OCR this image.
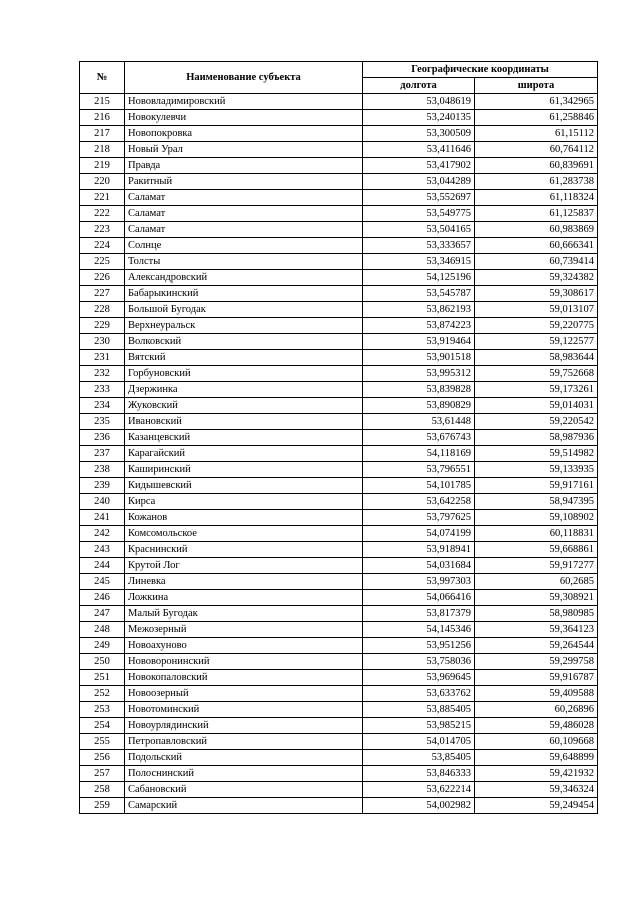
№	Наименование субъекта	Географические координаты	
		долгота	широта
215	Нововладимировский	53,048619	61,342965
216	Новокулевчи	53,240135	61,258846
217	Новопокровка	53,300509	61,15112
218	Новый Урал	53,411646	60,764112
219	Правда	53,417902	60,839691
220	Ракитный	53,044289	61,283738
221	Саламат	53,552697	61,118324
222	Саламат	53,549775	61,125837
223	Саламат	53,504165	60,983869
224	Солнце	53,333657	60,666341
225	Толсты	53,346915	60,739414
226	Александровский	54,125196	59,324382
227	Бабарыкинский	53,545787	59,308617
228	Большой Бугодак	53,862193	59,013107
229	Верхнеуральск	53,874223	59,220775
230	Волковский	53,919464	59,122577
231	Вятский	53,901518	58,983644
232	Горбуновский	53,995312	59,752668
233	Дзержинка	53,839828	59,173261
234	Жуковский	53,890829	59,014031
235	Ивановский	53,61448	59,220542
236	Казанцевский	53,676743	58,987936
237	Карагайский	54,118169	59,514982
238	Каширинский	53,796551	59,133935
239	Кидышевский	54,101785	59,917161
240	Кирса	53,642258	58,947395
241	Кожанов	53,797625	59,108902
242	Комсомольское	54,074199	60,118831
243	Краснинский	53,918941	59,668861
244	Крутой Лог	54,031684	59,917277
245	Линевка	53,997303	60,2685
246	Ложкина	54,066416	59,308921
247	Малый Бугодак	53,817379	58,980985
248	Межозерный	54,145346	59,364123
249	Новоахуново	53,951256	59,264544
250	Нововоронинский	53,758036	59,299758
251	Новокопаловский	53,969645	59,916787
252	Новоозерный	53,633762	59,409588
253	Новотоминский	53,885405	60,26896
254	Новоурлядинский	53,985215	59,486028
255	Петропавловский	54,014705	60,109668
256	Подольский	53,85405	59,648899
257	Полоснинский	53,846333	59,421932
258	Сабановский	53,622214	59,346324
259	Самарский	54,002982	59,249454
